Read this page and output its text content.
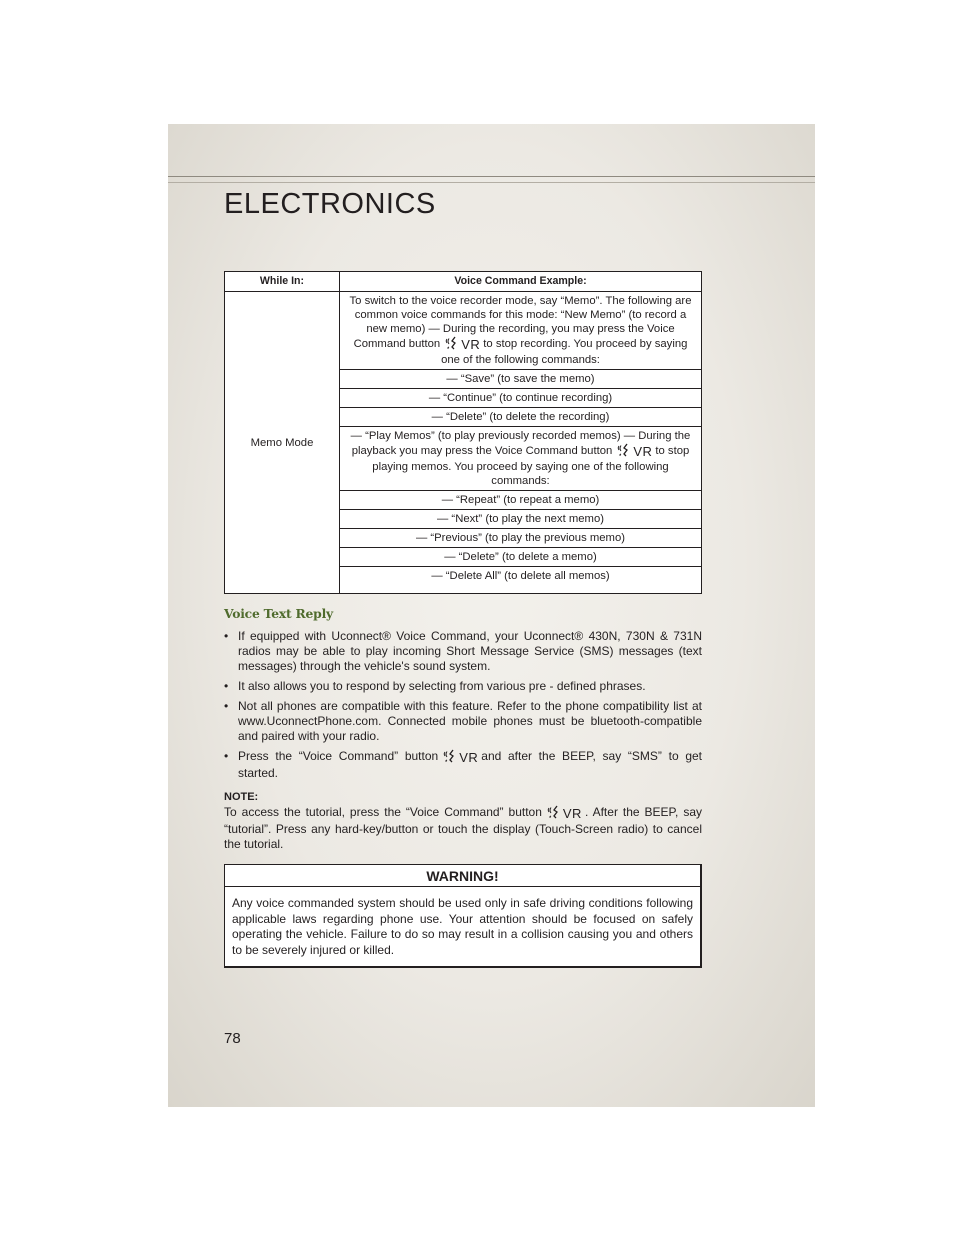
ELECTRONICS
While In:	Voice Command Example:
Memo Mode	To switch to the voice recorder mode, say “Memo”. The following are common voice commands for this mode: “New Memo” (to record a new memo) — During the recording, you may press the Voice Command button VR to stop recording. You proceed by saying one of the following commands:
	— “Save” (to save the memo)
	— “Continue” (to continue recording)
	— “Delete” (to delete the recording)
	— “Play Memos” (to play previously recorded memos) — During the playback you may press the Voice Command button VR to stop playing memos. You proceed by saying one of the following commands:
	— “Repeat” (to repeat a memo)
	— “Next” (to play the next memo)
	— “Previous” (to play the previous memo)
	— “Delete” (to delete a memo)
	— “Delete All” (to delete all memos)
Voice Text Reply
• If equipped with Uconnect® Voice Command, your Uconnect® 430N, 730N & 731N radios may be able to play incoming Short Message Service (SMS) messages (text messages) through the vehicle's sound system.
• It also allows you to respond by selecting from various pre - defined phrases.
• Not all phones are compatible with this feature. Refer to the phone compatibility list at www.UconnectPhone.com. Connected mobile phones must be bluetooth-compatible and paired with your radio.
• Press the “Voice Command” button VR and after the BEEP, say “SMS” to get started.
NOTE:
To access the tutorial, press the “Voice Command” button VR . After the BEEP, say “tutorial”. Press any hard-key/button or touch the display (Touch-Screen radio) to cancel the tutorial.
WARNING!
Any voice commanded system should be used only in safe driving conditions following applicable laws regarding phone use. Your attention should be focused on safely operating the vehicle. Failure to do so may result in a collision causing you and others to be severely injured or killed.
78
